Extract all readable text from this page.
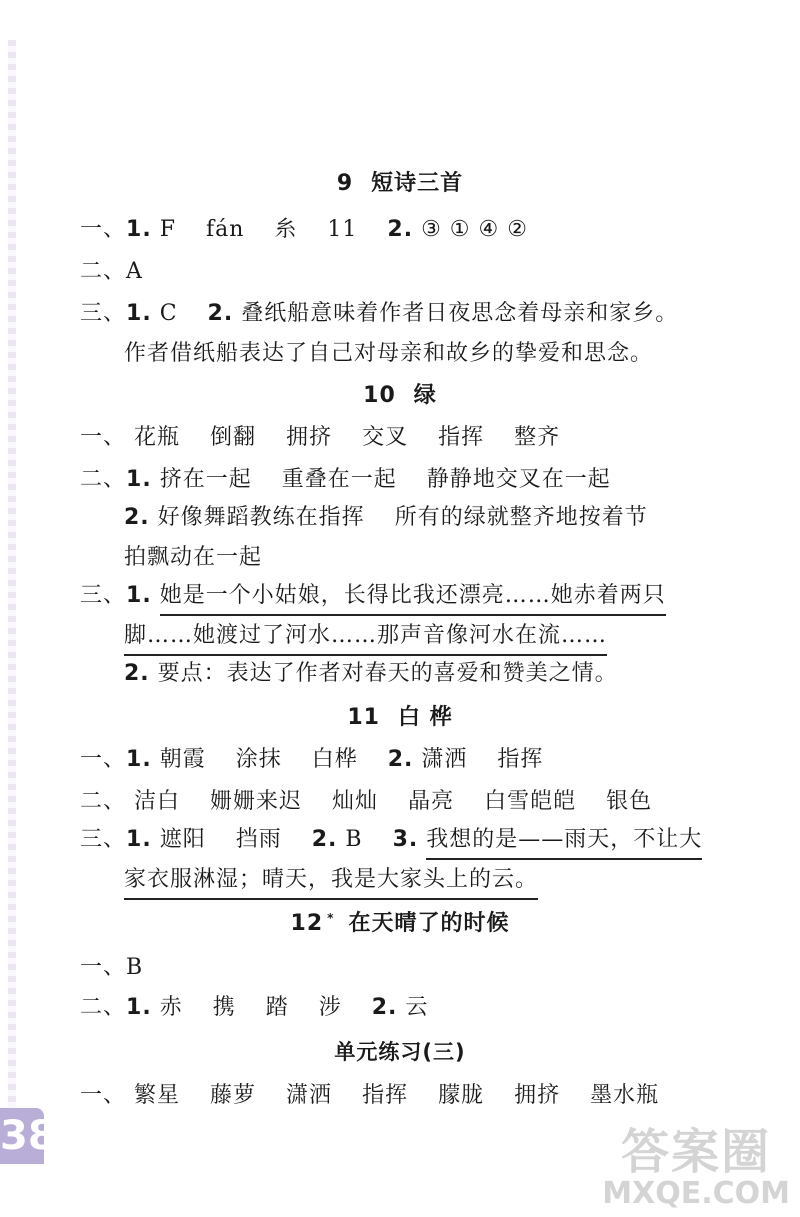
9 短诗三首
一、1. F fán 糸 11 2. ③ ① ④ ②
二、A
三、1. C 2. 叠纸船意味着作者日夜思念着母亲和家乡。
作者借纸船表达了自己对母亲和故乡的挚爱和思念。
10 绿
一、 花瓶 倒翻 拥挤 交叉 指挥 整齐
二、1. 挤在一起 重叠在一起 静静地交叉在一起
2. 好像舞蹈教练在指挥 所有的绿就整齐地按着节
拍飘动在一起
三、1. 她是一个小姑娘，长得比我还漂亮……她赤着两只
脚……她渡过了河水……那声音像河水在流……
2. 要点：表达了作者对春天的喜爱和赞美之情。
11 白 桦
一、1. 朝霞 涂抹 白桦 2. 潇洒 指挥
二、 洁白 姗姗来迟 灿灿 晶亮 白雪皑皑 银色
三、1. 遮阳 挡雨 2. B 3. 我想的是——雨天，不让大
家衣服淋湿；晴天，我是大家头上的云。
12 * 在天晴了的时候
一、B
二、1. 赤 携 踏 涉 2. 云
单元练习(三)
一、 繁星 藤萝 潇洒 指挥 朦胧 拥挤 墨水瓶
38	答案圈
MXQE.COM
